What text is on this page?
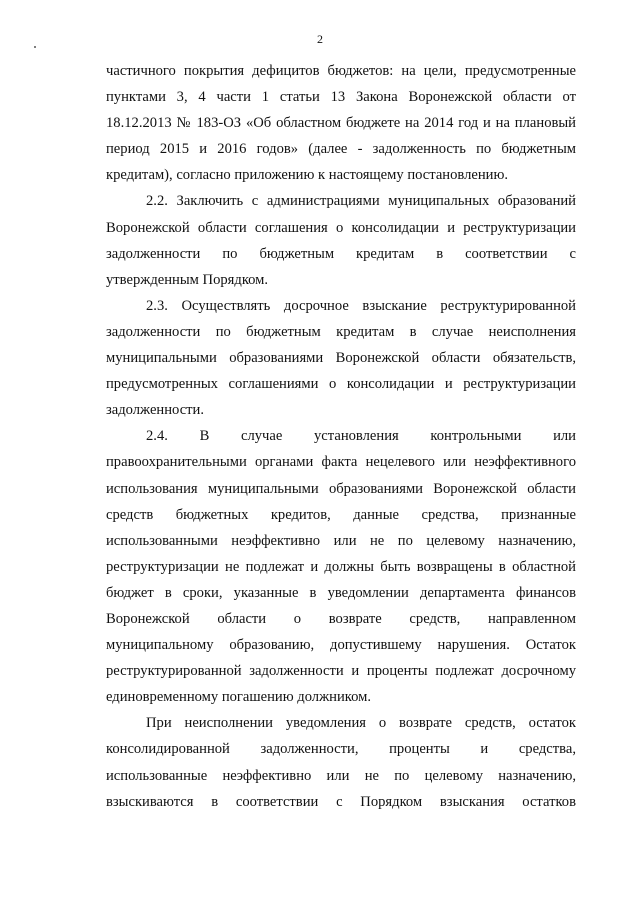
2
частичного покрытия дефицитов бюджетов: на цели, предусмотренные
пунктами 3, 4 части 1 статьи 13 Закона Воронежской области от
18.12.2013 № 183-ОЗ «Об областном бюджете на 2014 год и на плановый
период 2015 и 2016 годов» (далее - задолженность по бюджетным
кредитам), согласно приложению к настоящему постановлению.
2.2. Заключить с администрациями муниципальных образований
Воронежской области соглашения о консолидации и реструктуризации
задолженности по бюджетным кредитам в соответствии с
утвержденным Порядком.
2.3. Осуществлять досрочное взыскание реструктурированной
задолженности по бюджетным кредитам в случае неисполнения
муниципальными образованиями Воронежской области обязательств,
предусмотренных соглашениями о консолидации и реструктуризации
задолженности.
2.4. В случае установления контрольными или
правоохранительными органами факта нецелевого или неэффективного
использования муниципальными образованиями Воронежской области
средств бюджетных кредитов, данные средства, признанные
использованными неэффективно или не по целевому назначению,
реструктуризации не подлежат и должны быть возвращены в областной
бюджет в сроки, указанные в уведомлении департамента финансов
Воронежской области о возврате средств, направленном
муниципальному образованию, допустившему нарушения. Остаток
реструктурированной задолженности и проценты подлежат досрочному
единовременному погашению должником.
При неисполнении уведомления о возврате средств, остаток
консолидированной задолженности, проценты и средства,
использованные неэффективно или не по целевому назначению,
взыскиваются в соответствии с Порядком взыскания остатков
